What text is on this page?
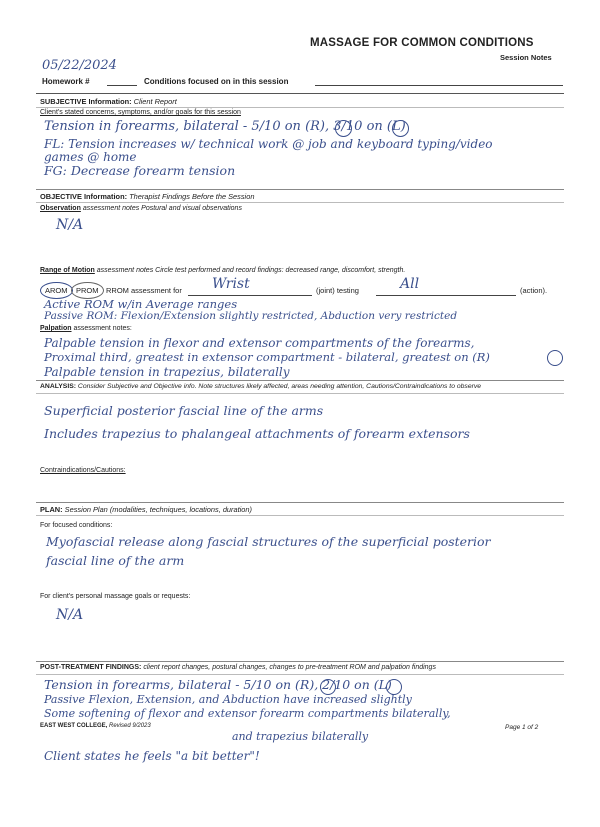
MASSAGE FOR COMMON CONDITIONS
Session Notes
05/22/2024
Homework #	Conditions focused on in this session
SUBJECTIVE Information: Client Report
Client's stated concerns, symptoms, and/or goals for this session
Tension in forearms, bilateral - 5/10 on (R), 3/10 on (L)
FL: Tension increases w/ technical work @ job and keyboard typing/video
games @ home
FG: Decrease forearm tension
OBJECTIVE Information: Therapist Findings Before the Session
Observation assessment notes Postural and visual observations
N/A
Range of Motion assessment notes Circle test performed and record findings: decreased range, discomfort, strength.
AROM	PROM	RROM assessment for Wrist	(joint) testing	All	(action).
Active ROM w/in Average ranges
Passive ROM: Flexion/Extension slightly restricted, Abduction very restricted
Palpation assessment notes:
Palpable tension in flexor and extensor compartments of the forearms,
Proximal third, greatest in extensor compartment - bilateral, greatest on (R)
Palpable tension in trapezius, bilaterally
ANALYSIS: Consider Subjective and Objective info. Note structures likely affected, areas needing attention, Cautions/Contraindications to observe
Superficial posterior fascial line of the arms
Includes trapezius to phalangeal attachments of forearm extensors
Contraindications/Cautions:
PLAN: Session Plan (modalities, techniques, locations, duration)
For focused conditions:
Myofascial release along fascial structures of the superficial posterior
fascial line of the arm
For client's personal massage goals or requests:
N/A
POST-TREATMENT FINDINGS: client report changes, postural changes, changes to pre-treatment ROM and palpation findings
Tension in forearms, bilateral - 5/10 on (R), 2/10 on (L)
Passive Flexion, Extension, and Abduction have increased slightly
Some softening of flexor and extensor forearm compartments bilaterally,
EAST WEST COLLEGE, Revised 9/2023	Page 1 of 2
and trapezius bilaterally
Client states he feels "a bit better"!
